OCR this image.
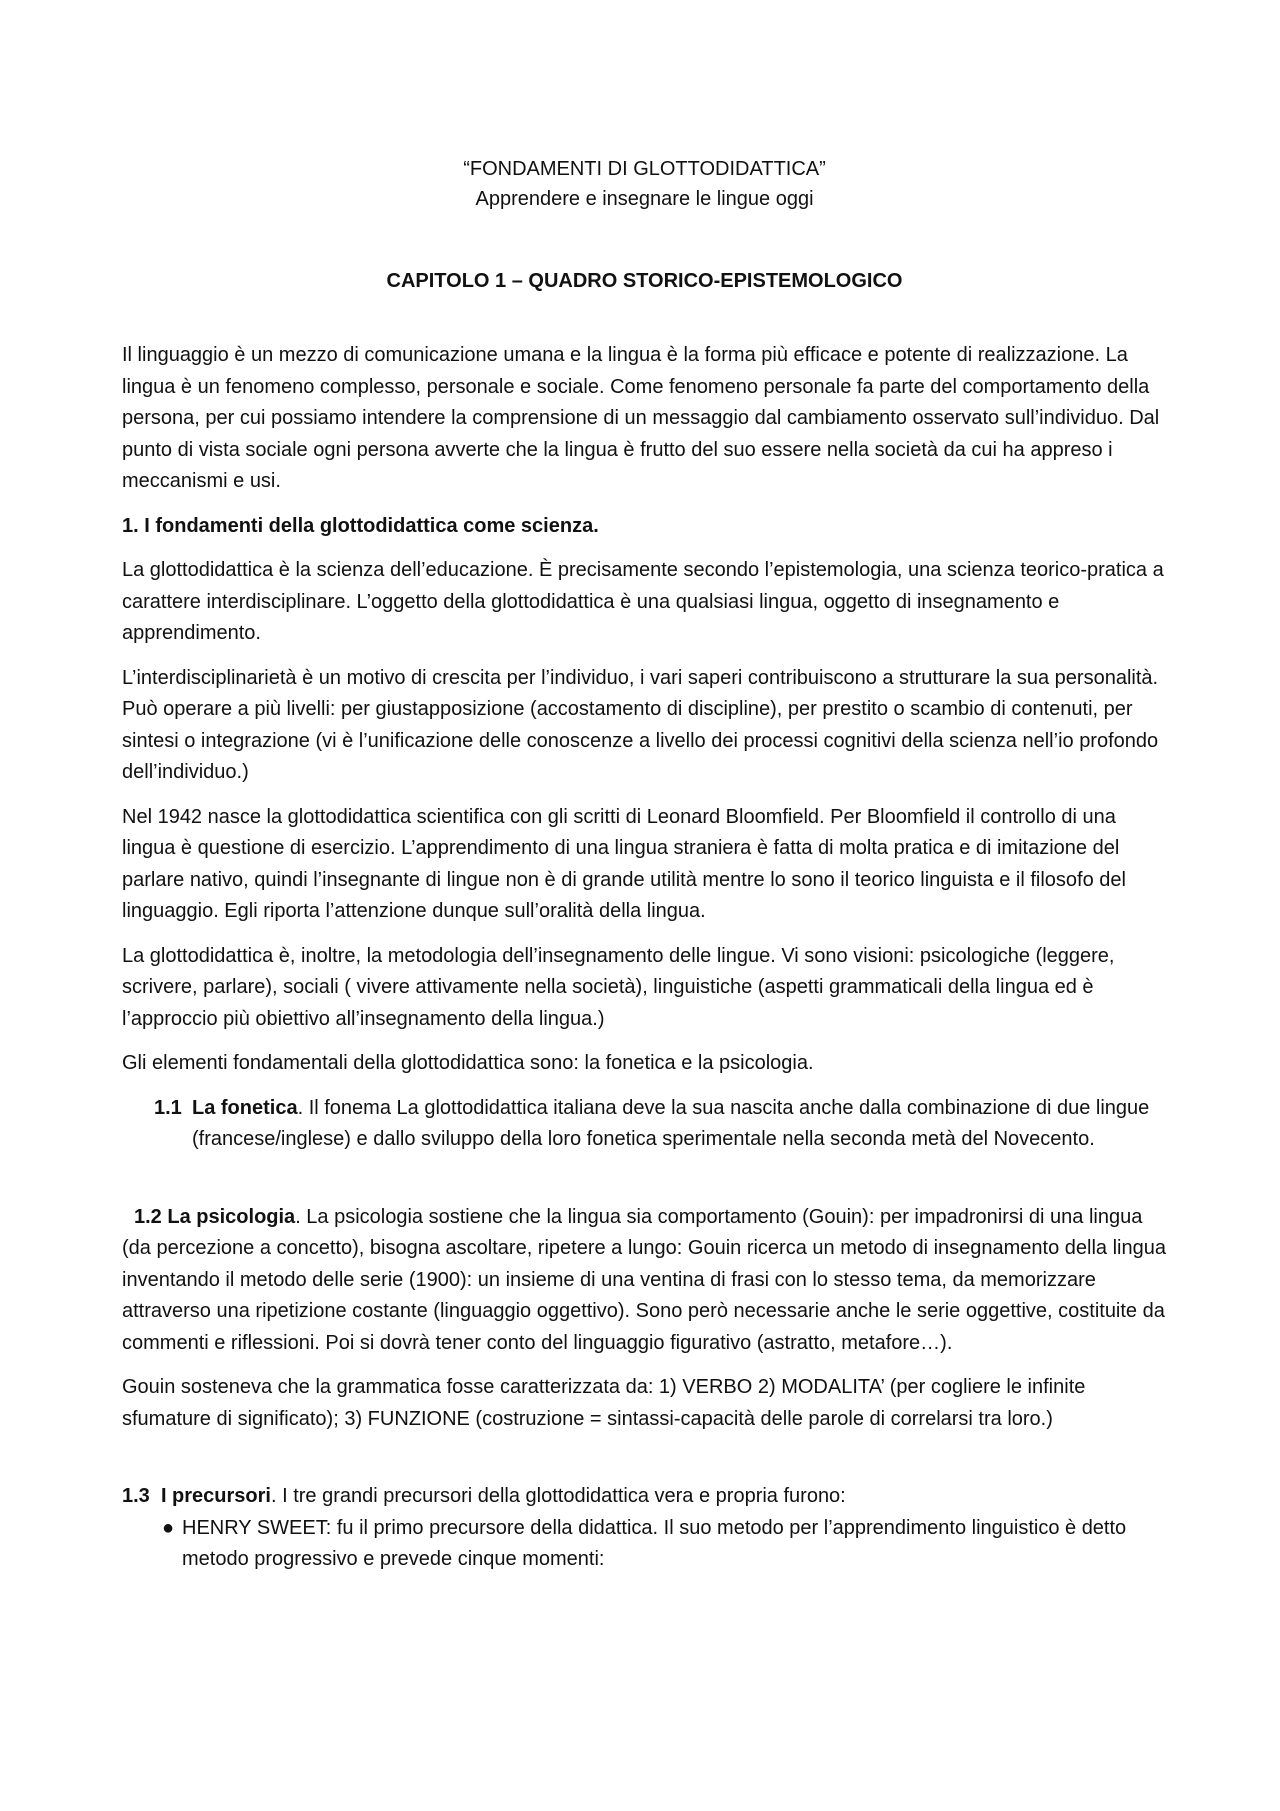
“FONDAMENTI DI GLOTTODIDATTICA”
Apprendere e insegnare le lingue oggi
CAPITOLO 1 – QUADRO STORICO-EPISTEMOLOGICO

Il linguaggio è un mezzo di comunicazione umana e la lingua è la forma più efficace e potente di realizzazione. La lingua è un fenomeno complesso, personale e sociale. Come fenomeno personale fa parte del comportamento della persona, per cui possiamo intendere la comprensione di un messaggio dal cambiamento osservato sull’individuo. Dal punto di vista sociale ogni persona avverte che la lingua è frutto del suo essere nella società da cui ha appreso i meccanismi e usi.

1. I fondamenti della glottodidattica come scienza.

La glottodidattica è la scienza dell’educazione. È precisamente secondo l’epistemologia, una scienza teorico-pratica a carattere interdisciplinare. L’oggetto della glottodidattica è una qualsiasi lingua, oggetto di insegnamento e apprendimento.

L’interdisciplinarietà è un motivo di crescita per l’individuo, i vari saperi contribuiscono a strutturare la sua personalità. Può operare a più livelli: per giustapposizione (accostamento di discipline), per prestito o scambio di contenuti, per sintesi o integrazione (vi è l’unificazione delle conoscenze a livello dei processi cognitivi della scienza nell’io profondo dell’individuo.)

Nel 1942 nasce la glottodidattica scientifica con gli scritti di Leonard Bloomfield. Per Bloomfield il controllo di una lingua è questione di esercizio. L’apprendimento di una lingua straniera è fatta di molta pratica e di imitazione del parlare nativo, quindi l’insegnante di lingue non è di grande utilità mentre lo sono il teorico linguista e il filosofo del linguaggio. Egli riporta l’attenzione dunque sull’oralità della lingua.

La glottodidattica è, inoltre, la metodologia dell’insegnamento delle lingue. Vi sono visioni: psicologiche (leggere, scrivere, parlare), sociali ( vivere attivamente nella società), linguistiche (aspetti grammaticali della lingua ed è l’approccio più obiettivo all’insegnamento della lingua.)

Gli elementi fondamentali della glottodidattica sono: la fonetica e la psicologia.

1.1 La fonetica. Il fonema La glottodidattica italiana deve la sua nascita anche dalla combinazione di due lingue (francese/inglese) e dallo sviluppo della loro fonetica sperimentale nella seconda metà del Novecento.

1.2 La psicologia. La psicologia sostiene che la lingua sia comportamento (Gouin): per impadronirsi di una lingua (da percezione a concetto), bisogna ascoltare, ripetere a lungo: Gouin ricerca un metodo di insegnamento della lingua inventando il metodo delle serie (1900): un insieme di una ventina di frasi con lo stesso tema, da memorizzare attraverso una ripetizione costante (linguaggio oggettivo). Sono però necessarie anche le serie oggettive, costituite da commenti e riflessioni. Poi si dovrà tener conto del linguaggio figurativo (astratto, metafore…).

Gouin sosteneva che la grammatica fosse caratterizzata da: 1) VERBO 2) MODALITA’ (per cogliere le infinite sfumature di significato); 3) FUNZIONE (costruzione = sintassi-capacità delle parole di correlarsi tra loro.)

1.3 I precursori. I tre grandi precursori della glottodidattica vera e propria furono:

● HENRY SWEET: fu il primo precursore della didattica. Il suo metodo per l’apprendimento linguistico è detto metodo progressivo e prevede cinque momenti:
